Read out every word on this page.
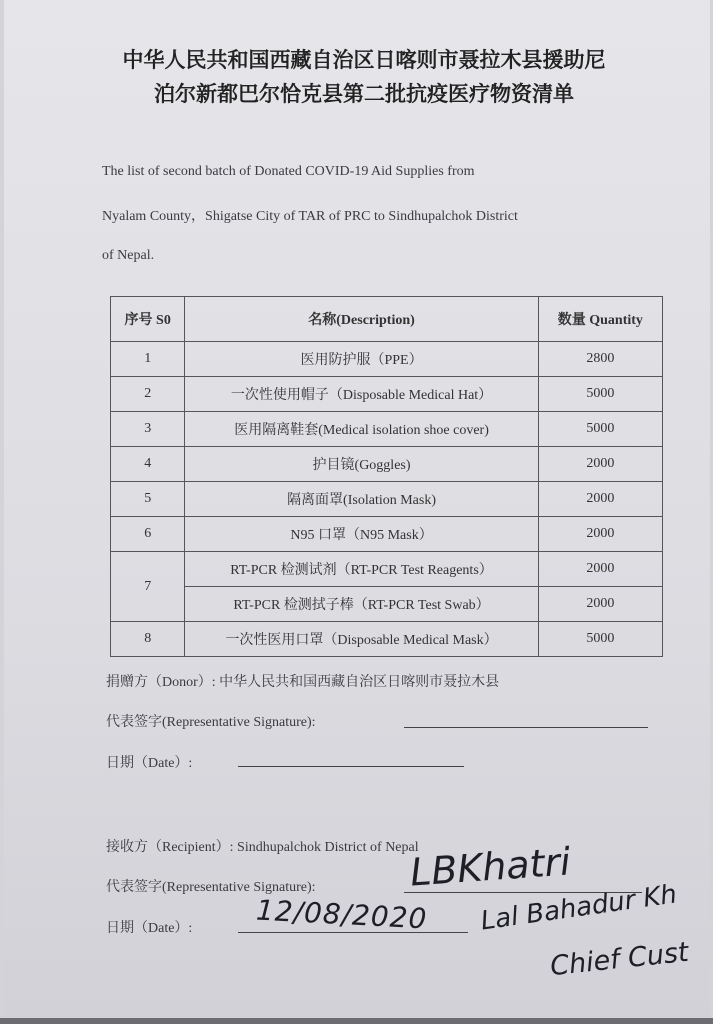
中华人民共和国西藏自治区日喀则市聂拉木县援助尼
泊尔新都巴尔恰克县第二批抗疫医疗物资清单
The list of second batch of Donated COVID-19 Aid Supplies from
Nyalam County，Shigatse City of TAR of PRC to Sindhupalchok District
of Nepal.
序号 S0	名称(Description)	数量 Quantity
1	医用防护服（PPE）	2800
2	一次性使用帽子（Disposable Medical Hat）	5000
3	医用隔离鞋套(Medical isolation shoe cover)	5000
4	护目镜(Goggles)	2000
5	隔离面罩(Isolation Mask)	2000
6	N95 口罩（N95 Mask）	2000
7	RT-PCR 检测试剂（RT-PCR Test Reagents）	2000
	RT-PCR 检测拭子棒（RT-PCR Test Swab）	2000
8	一次性医用口罩（Disposable Medical Mask）	5000
捐赠方（Donor）: 中华人民共和国西藏自治区日喀则市聂拉木县
代表签字(Representative Signature):
日期（Date）:
接收方（Recipient）: Sindhupalchok District of Nepal
代表签字(Representative Signature):
日期（Date）:
LBKhatri
12/08/2020 Lal Bahadur Kh
Chief Cust
